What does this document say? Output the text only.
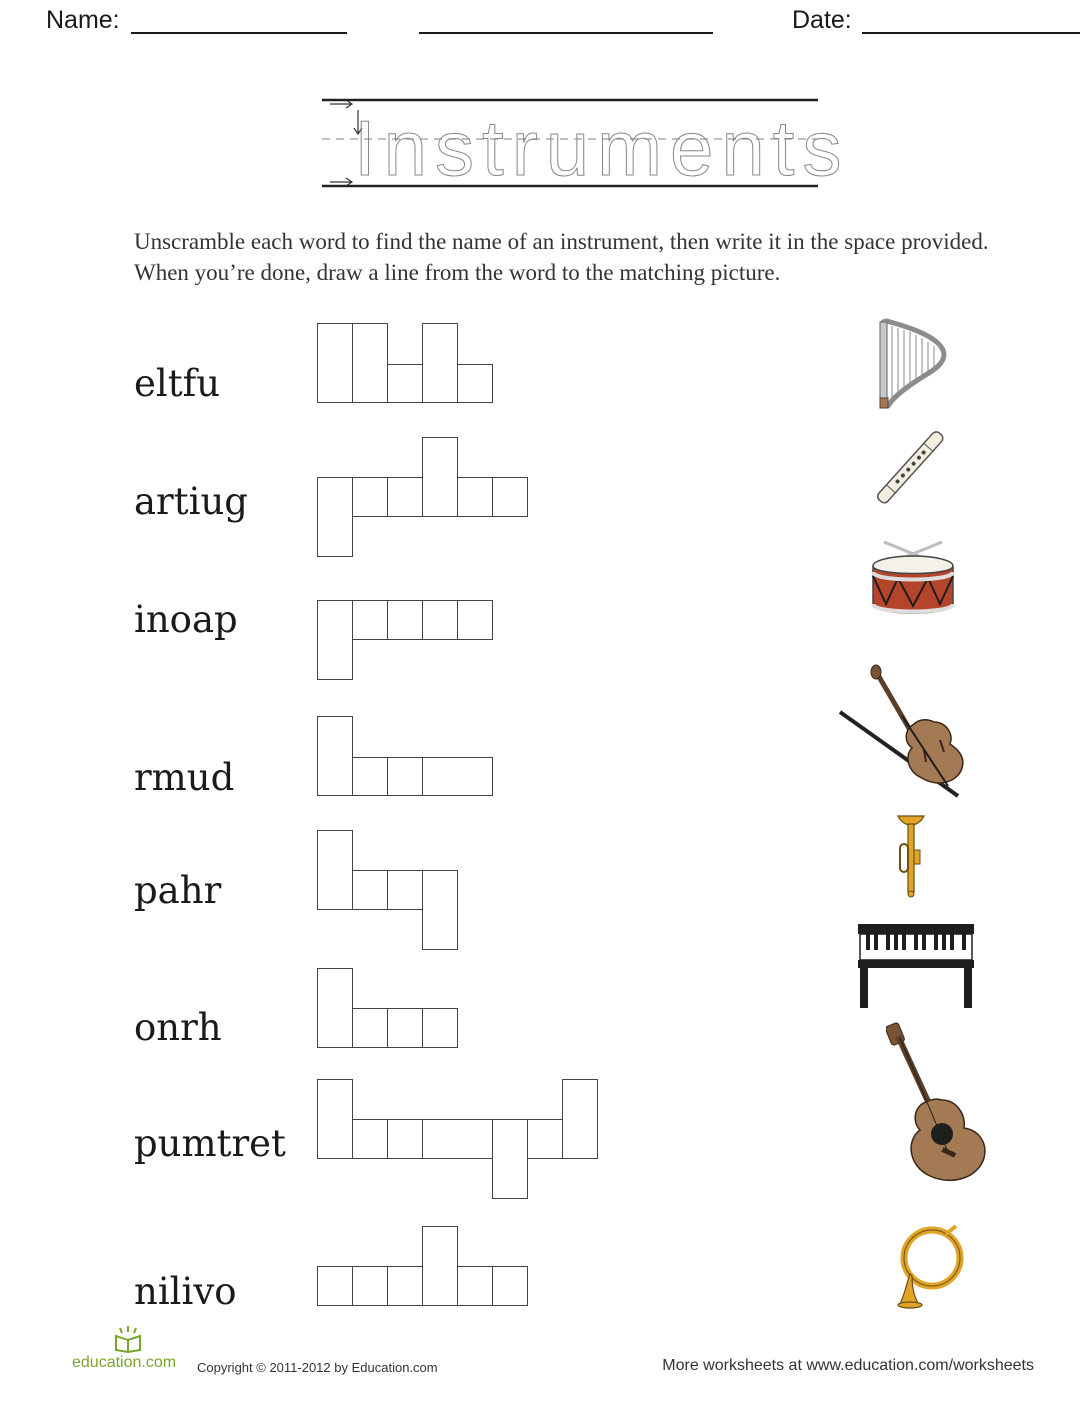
Name:	Date:
Instruments
Unscramble each word to find the name of an instrument, then write it in the space provided. When you’re done, draw a line from the word to the matching picture.
eltfu
artiug
inoap
rmud
pahr
onrh
pumtret
nilivo
education.com Copyright © 2011-2012 by Education.com	More worksheets at www.education.com/worksheets
